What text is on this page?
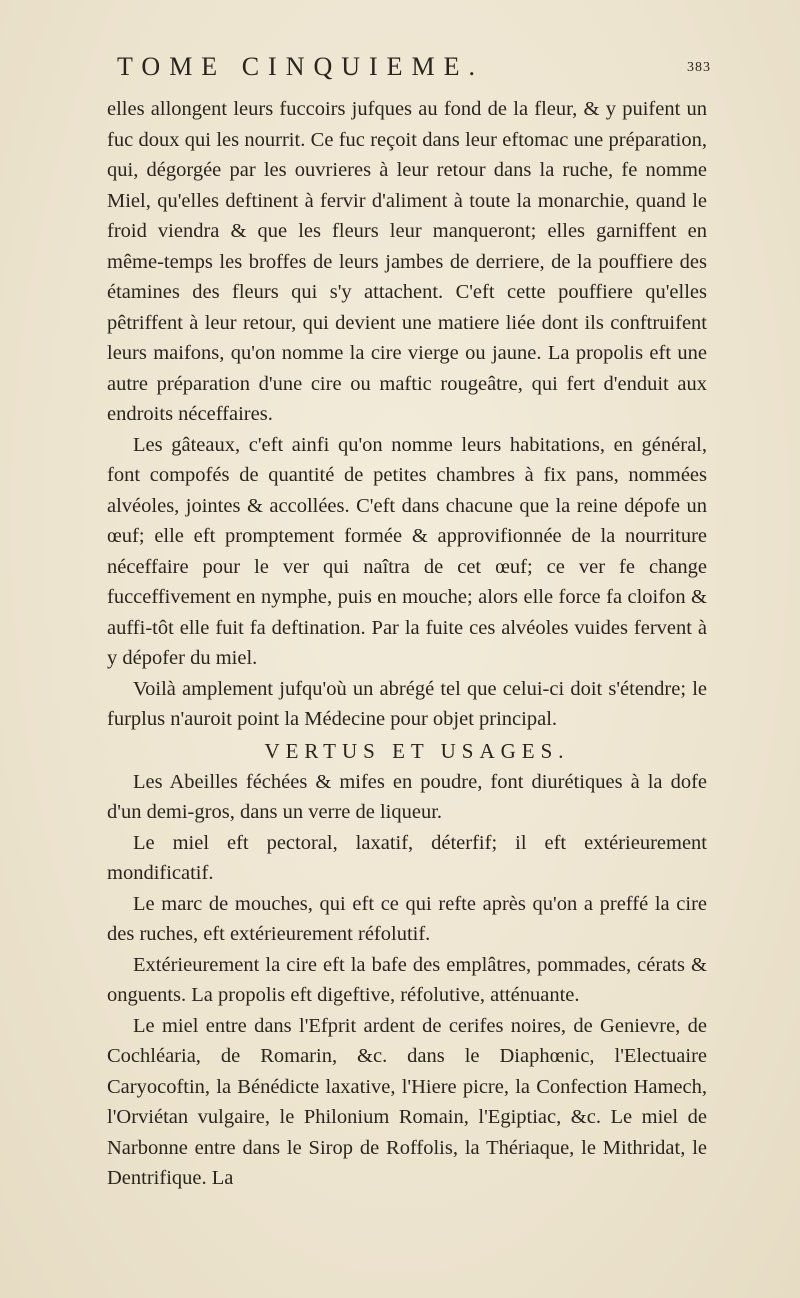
TOME CINQUIEME.	383

elles allongent leurs fuccoirs jufques au fond de la fleur, & y puifent un fuc doux qui les nourrit. Ce fuc reçoit dans leur eftomac une préparation, qui, dégorgée par les ouvrieres à leur retour dans la ruche, fe nomme Miel, qu'elles deftinent à fervir d'aliment à toute la monarchie, quand le froid viendra & que les fleurs leur manqueront; elles garniffent en même-temps les broffes de leurs jambes de derriere, de la pouffiere des étamines des fleurs qui s'y attachent. C'eft cette pouffiere qu'elles pêtriffent à leur retour, qui devient une matiere liée dont ils conftruifent leurs maifons, qu'on nomme la cire vierge ou jaune. La propolis eft une autre préparation d'une cire ou maftic rougeâtre, qui fert d'enduit aux endroits néceffaires.

Les gâteaux, c'eft ainfi qu'on nomme leurs habitations, en général, font compofés de quantité de petites chambres à fix pans, nommées alvéoles, jointes & accollées. C'eft dans chacune que la reine dépofe un œuf; elle eft promptement formée & approvifionnée de la nourriture néceffaire pour le ver qui naîtra de cet œuf; ce ver fe change fucceffivement en nymphe, puis en mouche; alors elle force fa cloifon & auffi-tôt elle fuit fa deftination. Par la fuite ces alvéoles vuides fervent à y dépofer du miel.

Voilà amplement jufqu'où un abrégé tel que celui-ci doit s'étendre; le furplus n'auroit point la Médecine pour objet principal.

VERTUS ET USAGES.

Les Abeilles féchées & mifes en poudre, font diurétiques à la dofe d'un demi-gros, dans un verre de liqueur.

Le miel eft pectoral, laxatif, déterfif; il eft extérieurement mondificatif.

Le marc de mouches, qui eft ce qui refte après qu'on a preffé la cire des ruches, eft extérieurement réfolutif.

Extérieurement la cire eft la bafe des emplâtres, pommades, cérats & onguents. La propolis eft digeftive, réfolutive, atténuante.

Le miel entre dans l'Efprit ardent de cerifes noires, de Genievre, de Cochléaria, de Romarin, &c. dans le Diaphœnic, l'Electuaire Caryocoftin, la Bénédicte laxative, l'Hiere picre, la Confection Hamech, l'Orviétan vulgaire, le Philonium Romain, l'Egiptiac, &c. Le miel de Narbonne entre dans le Sirop de Roffolis, la Thériaque, le Mithridat, le Dentrifique. La
